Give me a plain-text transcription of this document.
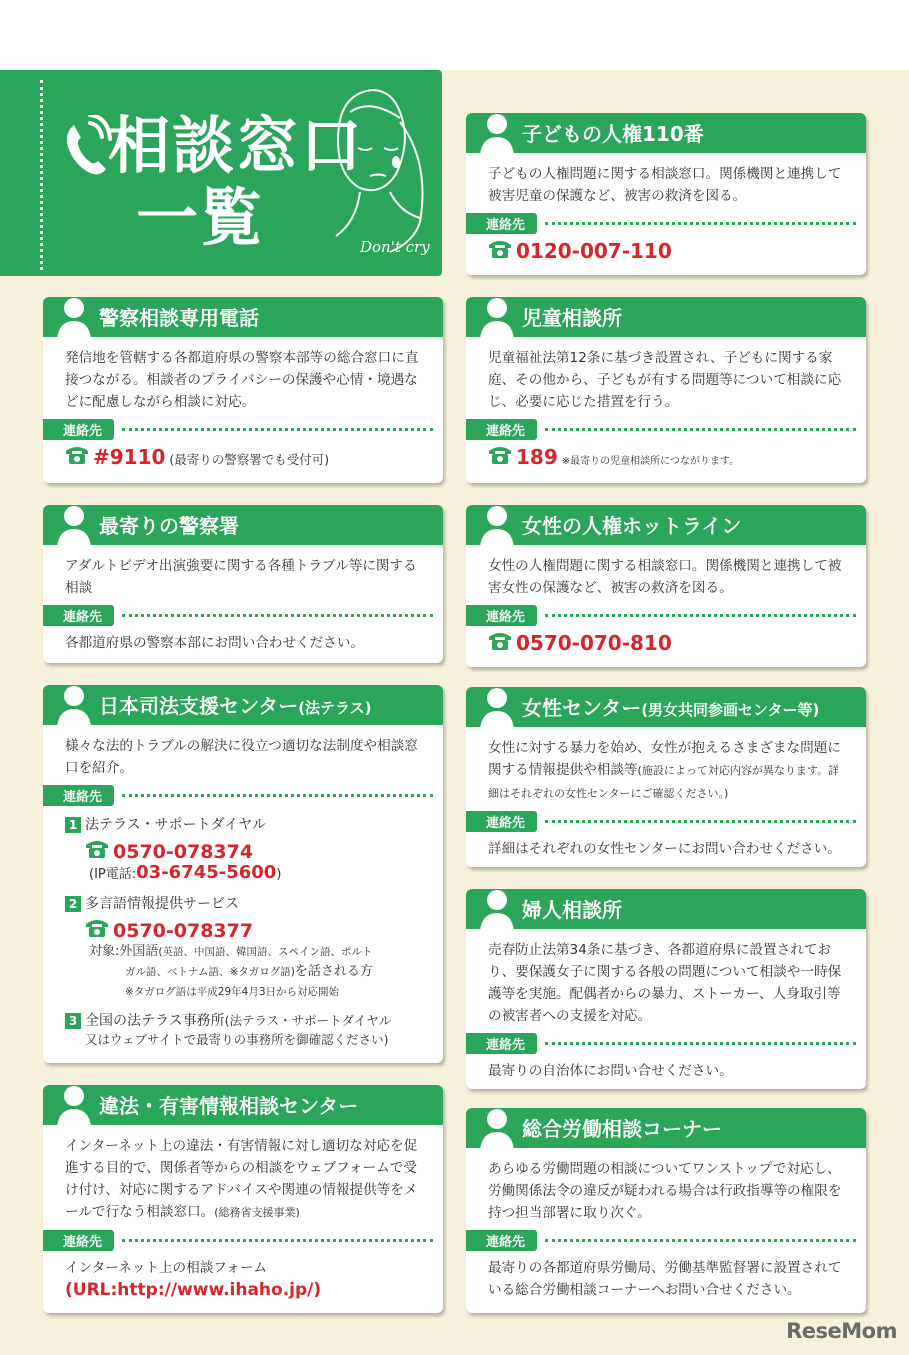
相談窓口
一覧	Don't cry
子どもの人権110番
子どもの人権問題に関する相談窓口。関係機関と連携して被害児童の保護など、被害の救済を図る。
連絡先
0120-007-110
警察相談専用電話
発信地を管轄する各都道府県の警察本部等の総合窓口に直接つながる。相談者のプライバシーの保護や心情・境遇などに配慮しながら相談に対応。
連絡先
#9110 (最寄りの警察署でも受付可)
児童相談所
児童福祉法第12条に基づき設置され、子どもに関する家庭、その他から、子どもが有する問題等について相談に応じ、必要に応じた措置を行う。
連絡先
189 ※最寄りの児童相談所につながります。
最寄りの警察署
アダルトビデオ出演強要に関する各種トラブル等に関する相談
連絡先
各都道府県の警察本部にお問い合わせください。
女性の人権ホットライン
女性の人権問題に関する相談窓口。関係機関と連携して被害女性の保護など、被害の救済を図る。
連絡先
0570-070-810
日本司法支援センター(法テラス)
様々な法的トラブルの解決に役立つ適切な法制度や相談窓口を紹介。
連絡先
1 法テラス・サポートダイヤル
0570-078374
(IP電話:03-6745-5600)
2 多言語情報提供サービス
0570-078377
対象:外国語(英語、中国語、韓国語、スペイン語、ポルト
ガル語、ベトナム語、※タガログ語)を話される方
※タガログ語は平成29年4月3日から対応開始
3 全国の法テラス事務所(法テラス・サポートダイヤル
又はウェブサイトで最寄りの事務所を御確認ください)
女性センター(男女共同参画センター等)
女性に対する暴力を始め、女性が抱えるさまざまな問題に関する情報提供や相談等(施設によって対応内容が異なります。詳細はそれぞれの女性センターにご確認ください。)
連絡先
詳細はそれぞれの女性センターにお問い合わせください。
婦人相談所
売春防止法第34条に基づき、各都道府県に設置されており、要保護女子に関する各般の問題について相談や一時保護等を実施。配偶者からの暴力、ストーカー、人身取引等の被害者への支援を対応。
連絡先
最寄りの自治体にお問い合せください。
違法・有害情報相談センター
インターネット上の違法・有害情報に対し適切な対応を促進する目的で、関係者等からの相談をウェブフォームで受け付け、対応に関するアドバイスや関連の情報提供等をメールで行なう相談窓口。(総務省支援事業)
連絡先
インターネット上の相談フォーム
(URL:http://www.ihaho.jp/)
総合労働相談コーナー
あらゆる労働問題の相談についてワンストップで対応し、労働関係法令の違反が疑われる場合は行政指導等の権限を持つ担当部署に取り次ぐ。
連絡先
最寄りの各都道府県労働局、労働基準監督署に設置されている総合労働相談コーナーへお問い合せください。
ReseMom
